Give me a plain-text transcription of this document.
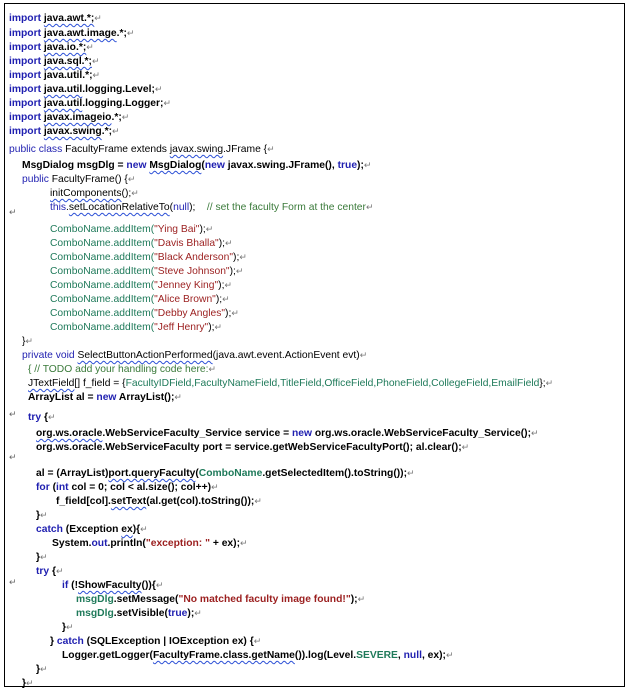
import java.awt.*;↵
import java.awt.image.*;↵
import java.io.*;↵
import java.sql.*;↵
import java.util.*;↵
import java.util.logging.Level;↵
import java.util.logging.Logger;↵
import javax.imageio.*;↵
import javax.swing.*;↵
public class FacultyFrame extends javax.swing.JFrame {↵
MsgDialog msgDlg = new MsgDialog(new javax.swing.JFrame(), true);↵
public FacultyFrame() {↵
initComponents();↵
this.setLocationRelativeTo(null);    // set the faculty Form at the center↵
ComboName.addItem("Ying Bai");↵
ComboName.addItem("Davis Bhalla");↵
ComboName.addItem("Black Anderson");↵
ComboName.addItem("Steve Johnson");↵
ComboName.addItem("Jenney King");↵
ComboName.addItem("Alice Brown");↵
ComboName.addItem("Debby Angles");↵
ComboName.addItem("Jeff Henry");↵
}↵
private void SelectButtonActionPerformed(java.awt.event.ActionEvent evt)↵
{ // TODO add your handling code here:↵
JTextField[] f_field = {FacultyIDField,FacultyNameField,TitleField,OfficeField,PhoneField,CollegeField,EmailField};↵
ArrayList al = new ArrayList();↵
try {↵
org.ws.oracle.WebServiceFaculty_Service service = new org.ws.oracle.WebServiceFaculty_Service();↵
org.ws.oracle.WebServiceFaculty port = service.getWebServiceFacultyPort(); al.clear();↵
al = (ArrayList)port.queryFaculty(ComboName.getSelectedItem().toString());↵
for (int col = 0; col < al.size(); col++)↵
f_field[col].setText(al.get(col).toString());↵
}↵
catch (Exception ex){↵
System.out.println("exception: " + ex);↵
}↵
try {↵
if (!ShowFaculty()){↵
msgDlg.setMessage("No matched faculty image found!");↵
msgDlg.setVisible(true);↵
}↵
} catch (SQLException | IOException ex) {↵
Logger.getLogger(FacultyFrame.class.getName()).log(Level.SEVERE, null, ex);↵
}↵
}↵
↵
↵
↵
↵
